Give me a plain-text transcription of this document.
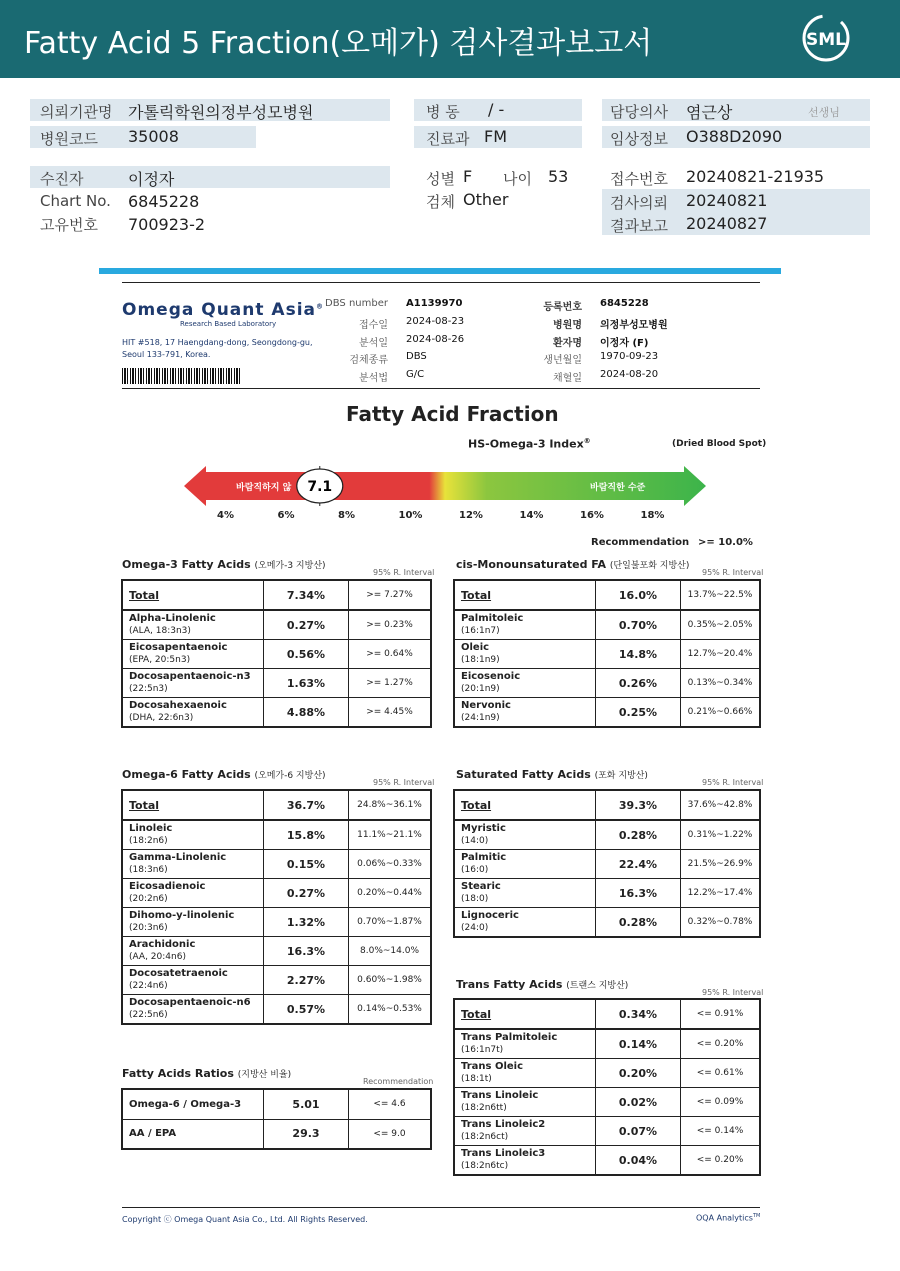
Fatty Acid 5 Fraction(오메가) 검사결과보고서	SML
의뢰기관명 가톨릭학원의정부성모병원
병원코드 35008
병 동 / -
진료과 FM
담당의사 염근상	선생님
임상정보 O388D2090
수진자	이정자
Chart No. 6845228
고유번호 700923-2
성별 F 나이 53
검체 Other
접수번호 20240821-21935
검사의뢰 20240821
결과보고 20240827
Omega Quant Asia®
Research Based Laboratory
HIT #518, 17 Haengdang-dong, Seongdong-gu,
Seoul 133-791, Korea.
DBS number A1139970
접수일 2024-08-23
분석일 2024-08-26
검체종류 DBS
분석법 G/C
등록번호 6845228
병원명 의정부성모병원
환자명 이정자 (F)
생년월일 1970-09-23
채혈일 2024-08-20
Fatty Acid Fraction
HS-Omega-3 Index®	(Dried Blood Spot)
바람직하지 않	바람직한 수준
7.1
4%	6%	8%	10%	12%	14%	16%	18%
Recommendation >= 10.0%
Omega-3 Fatty Acids (오메가-3 지방산)
95% R. Interval
cis-Monounsaturated FA (단일불포화 지방산)
95% R. Interval
Omega-6 Fatty Acids (오메가-6 지방산)
95% R. Interval
Saturated Fatty Acids (포화 지방산)
95% R. Interval
Trans Fatty Acids (트랜스 지방산)
95% R. Interval
Fatty Acids Ratios (지방산 비율)
Recommendation
Total	7.34%	>= 7.27%

Alpha-Linolenic
(ALA, 18:3n3)	0.27%	>= 0.23%

Eicosapentaenoic
(EPA, 20:5n3)	0.56%	>= 0.64%

Docosapentaenoic-n3
(22:5n3)	1.63%	>= 1.27%

Docosahexaenoic
(DHA, 22:6n3)	4.88%	>= 4.45%
Total	16.0%	13.7%~22.5%

Palmitoleic
(16:1n7)	0.70%	0.35%~2.05%

Oleic
(18:1n9)	14.8%	12.7%~20.4%

Eicosenoic
(20:1n9)	0.26%	0.13%~0.34%

Nervonic
(24:1n9)	0.25%	0.21%~0.66%
Total	36.7%	24.8%~36.1%

Linoleic
(18:2n6)	15.8%	11.1%~21.1%

Gamma-Linolenic
(18:3n6)	0.15%	0.06%~0.33%

Eicosadienoic
(20:2n6)	0.27%	0.20%~0.44%

Dihomo-y-linolenic
(20:3n6)	1.32%	0.70%~1.87%

Arachidonic
(AA, 20:4n6)	16.3%	8.0%~14.0%

Docosatetraenoic
(22:4n6)	2.27%	0.60%~1.98%

Docosapentaenoic-n6
(22:5n6)	0.57%	0.14%~0.53%
Total	39.3%	37.6%~42.8%

Myristic
(14:0)	0.28%	0.31%~1.22%

Palmitic
(16:0)	22.4%	21.5%~26.9%

Stearic
(18:0)	16.3%	12.2%~17.4%

Lignoceric
(24:0)	0.28%	0.32%~0.78%
Total	0.34%	<= 0.91%

Trans Palmitoleic
(16:1n7t)	0.14%	<= 0.20%

Trans Oleic
(18:1t)	0.20%	<= 0.61%

Trans Linoleic
(18:2n6tt)	0.02%	<= 0.09%

Trans Linoleic2
(18:2n6ct)	0.07%	<= 0.14%

Trans Linoleic3
(18:2n6tc)	0.04%	<= 0.20%
Omega-6 / Omega-3	5.01	<= 4.6

AA / EPA	29.3	<= 9.0
Copyright ⓒ Omega Quant Asia Co., Ltd. All Rights Reserved.	OQA Analytics™
